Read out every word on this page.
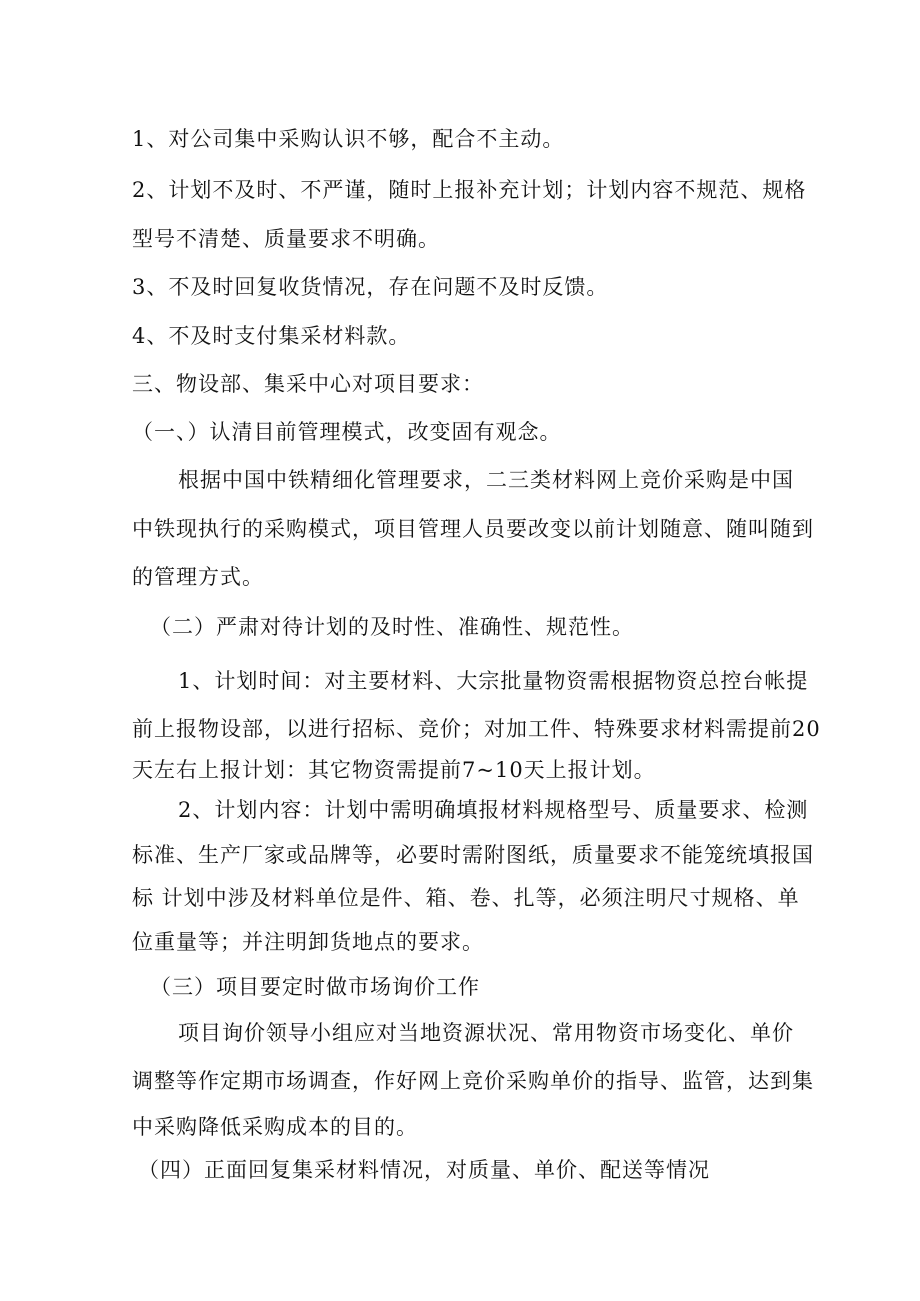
1、对公司集中采购认识不够，配合不主动。
2、计划不及时、不严谨，随时上报补充计划；计划内容不规范、规格
型号不清楚、质量要求不明确。
3、不及时回复收货情况，存在问题不及时反馈。
4、不及时支付集采材料款。
三、物设部、集采中心对项目要求：
（一、）认清目前管理模式，改变固有观念。
根据中国中铁精细化管理要求，二三类材料网上竞价采购是中国
中铁现执行的采购模式，项目管理人员要改变以前计划随意、随叫随到
的管理方式。
（二）严肃对待计划的及时性、准确性、规范性。
1、计划时间：对主要材料、大宗批量物资需根据物资总控台帐提
前上报物设部，以进行招标、竞价；对加工件、特殊要求材料需提前20
天左右上报计划：其它物资需提前7~10天上报计划。
2、计划内容：计划中需明确填报材料规格型号、质量要求、检测
标准、生产厂家或品牌等，必要时需附图纸，质量要求不能笼统填报国
标 计划中涉及材料单位是件、箱、卷、扎等，必须注明尺寸规格、单
位重量等；并注明卸货地点的要求。
（三）项目要定时做市场询价工作
项目询价领导小组应对当地资源状况、常用物资市场变化、单价
调整等作定期市场调查，作好网上竞价采购单价的指导、监管，达到集
中采购降低采购成本的目的。
（四）正面回复集采材料情况，对质量、单价、配送等情况
